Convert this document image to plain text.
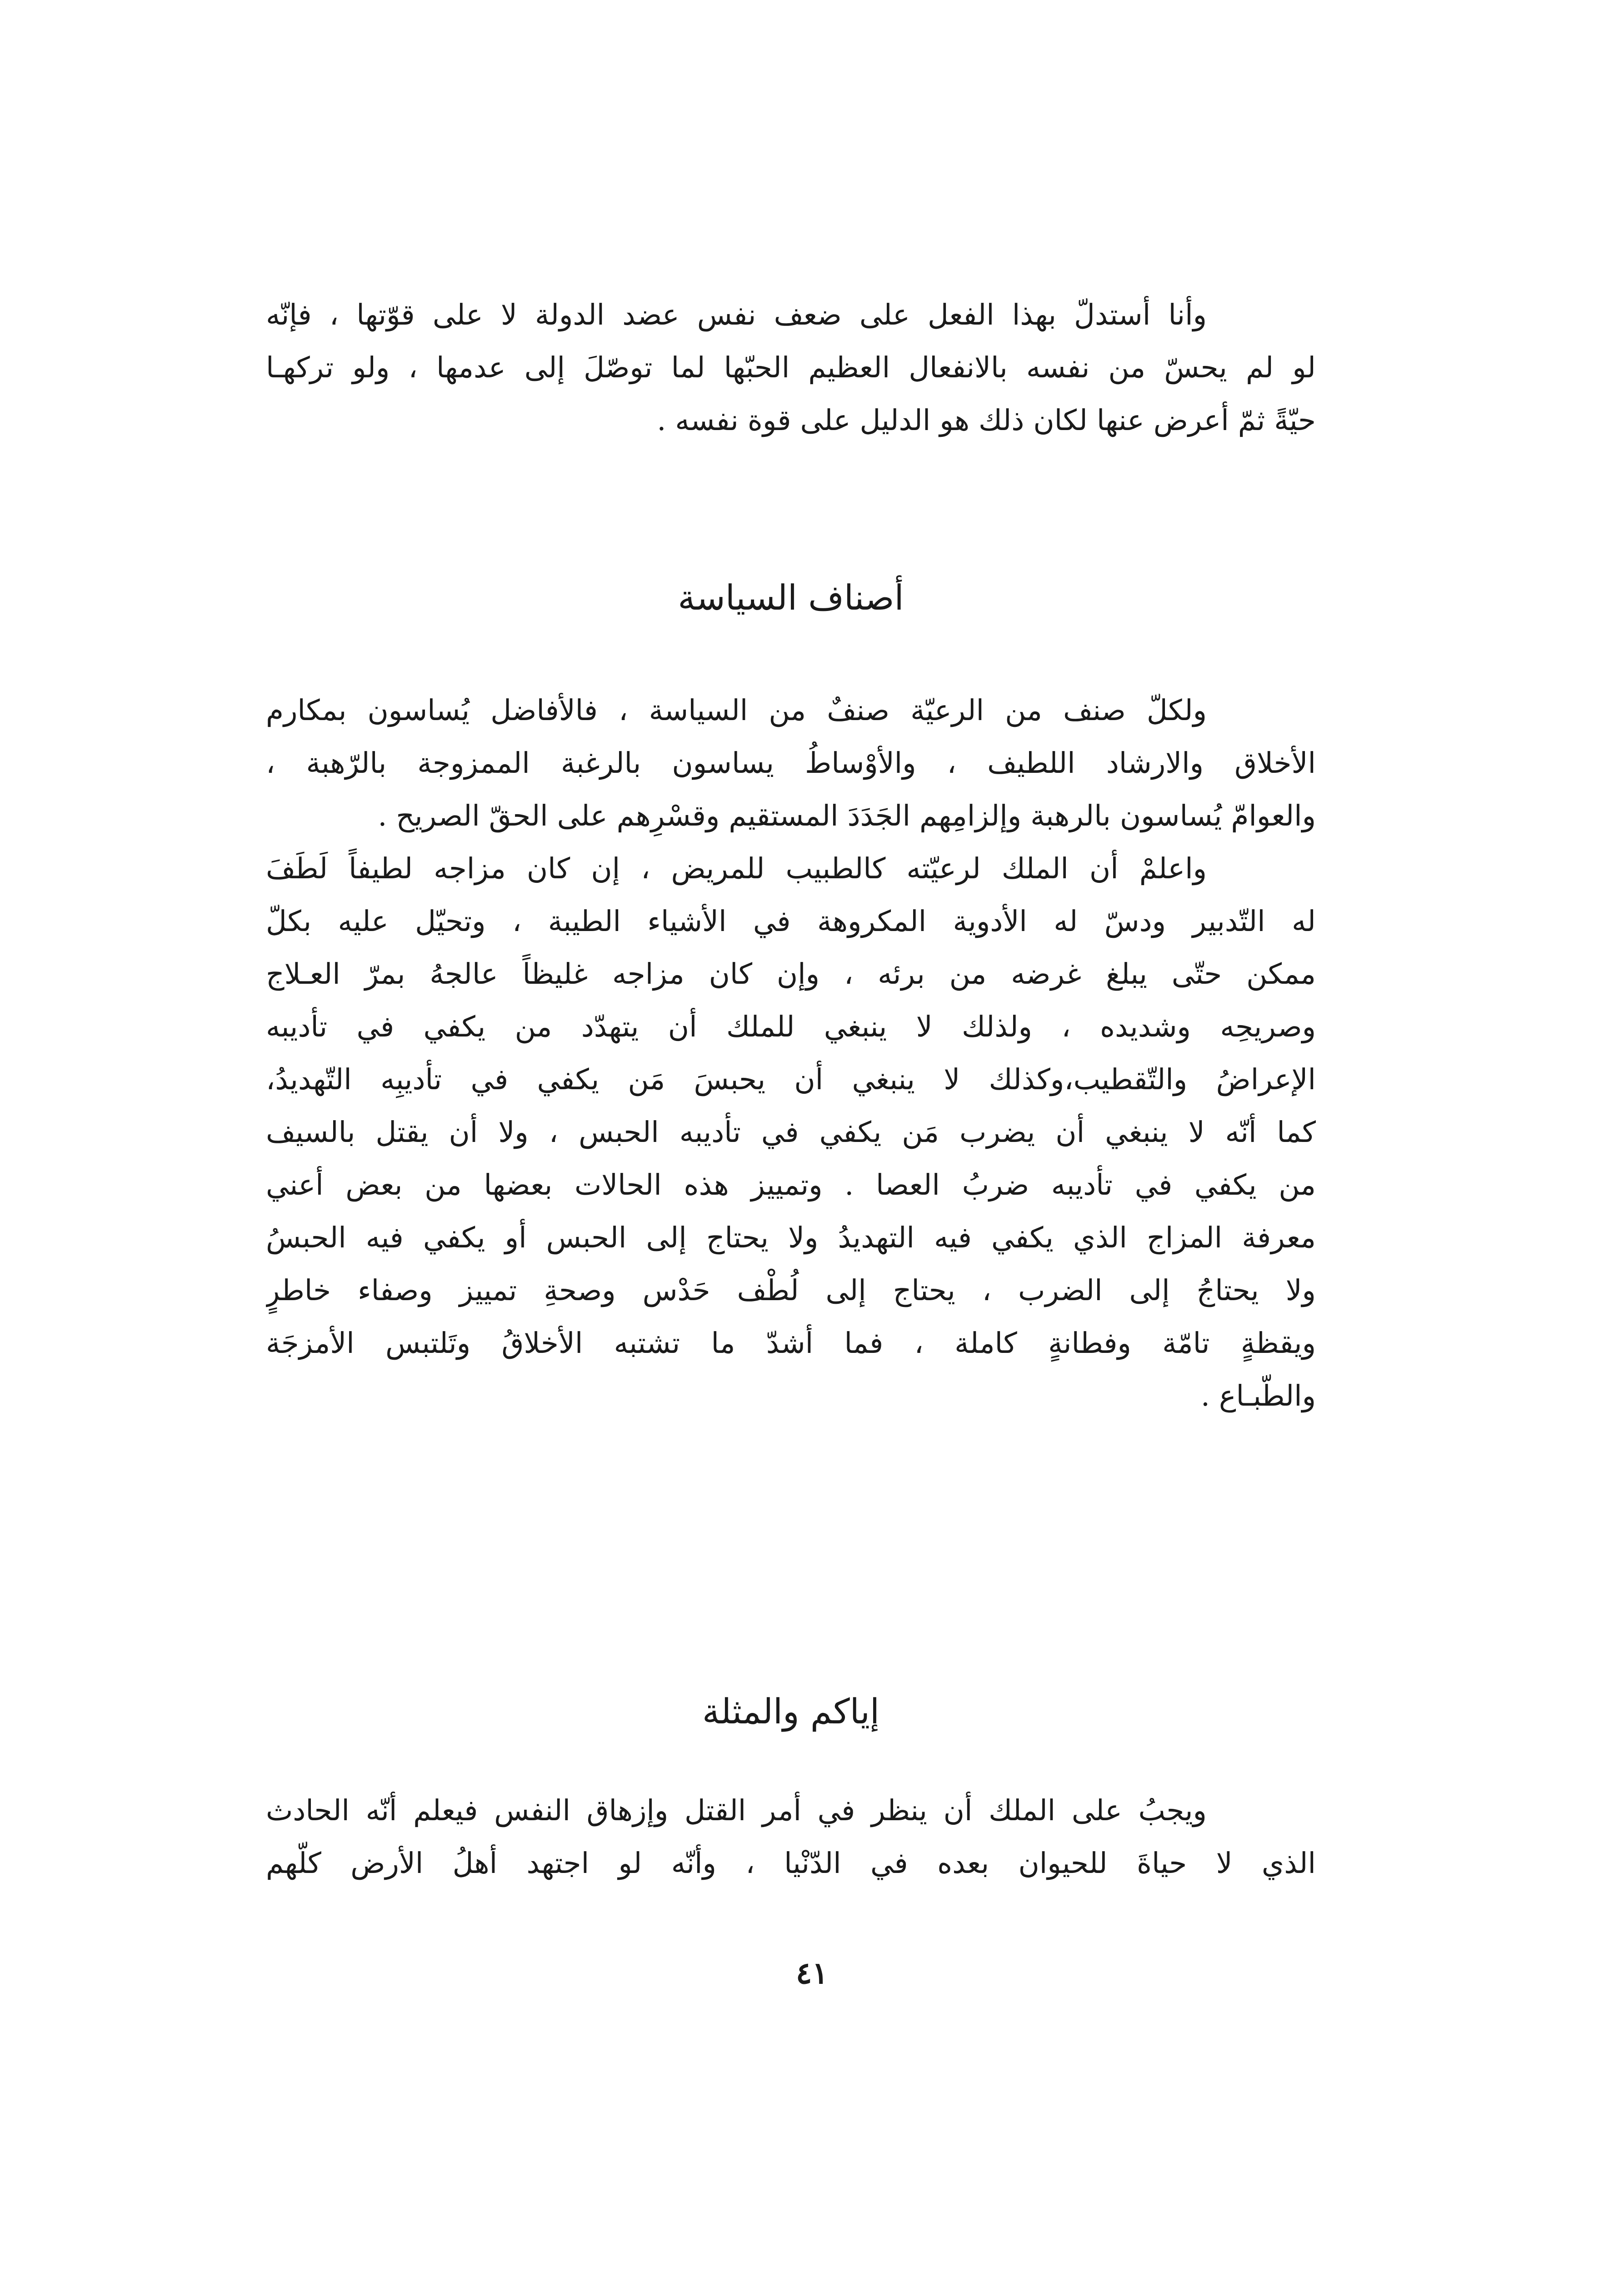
وأنا أستدلّ بهذا الفعل على ضعف نفس عضد الدولة لا على قوّتها ، فإنّه
لو لم يحسّ من نفسه بالانفعال العظيم الحبّها لما توصّلَ إلى عدمها ، ولو تركهـا
حيّةً ثمّ أعرض عنها لكان ذلك هو الدليل على قوة نفسه .
أصناف السياسة
ولكلّ صنف من الرعيّة صنفٌ من السياسة ، فالأفاضل يُساسون بمكارم
الأخلاق والارشاد اللطيف ، والأوْساطُ يساسون بالرغبة الممزوجة بالرّهبة ،
والعوامّ يُساسون بالرهبة وإلزامِهم الجَدَدَ المستقيم وقسْرِهم على الحقّ الصريح .
واعلمْ أن الملك لرعيّته كالطبيب للمريض ، إن كان مزاجه لطيفاً لَطَفَ
له التّدبير ودسّ له الأدوية المكروهة في الأشياء الطيبة ، وتحيّل عليه بكلّ
ممكن حتّى يبلغ غرضه من برئه ، وإن كان مزاجه غليظاً عالجهُ بمرّ العـلاج
وصريحِه وشديده ، ولذلك لا ينبغي للملك أن يتهدّد من يكفي في تأديبه
الإعراضُ والتّقطيب،وكذلك لا ينبغي أن يحبسَ مَن يكفي في تأديبِه التّهديدُ،
كما أنّه لا ينبغي أن يضرب مَن يكفي في تأديبه الحبس ، ولا أن يقتل بالسيف
من يكفي في تأديبه ضربُ العصا . وتمييز هذه الحالات بعضها من بعض أعني
معرفة المزاج الذي يكفي فيه التهديدُ ولا يحتاج إلى الحبس أو يكفي فيه الحبسُ
ولا يحتاجُ إلى الضرب ، يحتاج إلى لُطْف حَدْس وصحةِ تمييز وصفاء خاطرٍ
ويقظةٍ تامّة وفطانةٍ كاملة ، فما أشدّ ما تشتبه الأخلاقُ وتَلتبس الأمزجَة
والطّبـاع .
إياكم والمثلة
ويجبُ على الملك أن ينظر في أمر القتل وإزهاق النفس فيعلم أنّه الحادث
الذي لا حياةَ للحيوان بعده في الدّنْيا ، وأنّه لو اجتهد أهلُ الأرض كلّهم
٤١
